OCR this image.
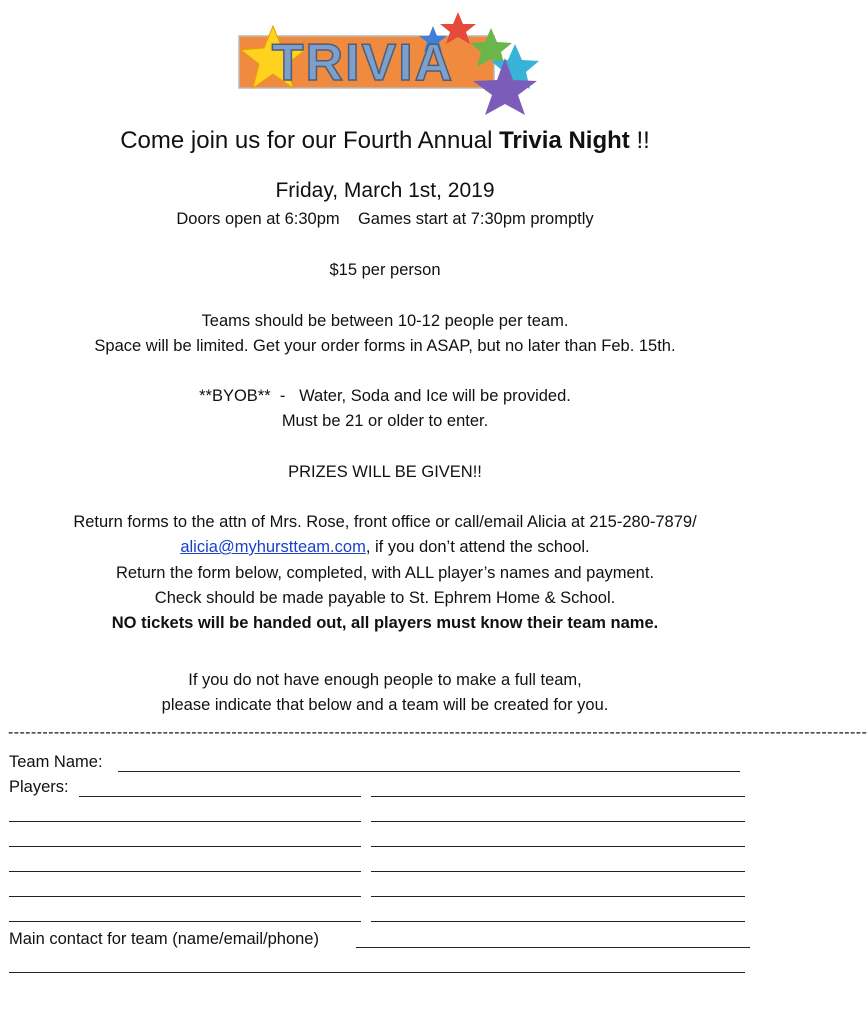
TRIVIA
Come join us for our Fourth Annual Trivia Night !!
Friday, March 1st, 2019
Doors open at 6:30pm    Games start at 7:30pm promptly
$15 per person
Teams should be between 10-12 people per team.
Space will be limited. Get your order forms in ASAP, but no later than Feb. 15th.
**BYOB**  -   Water, Soda and Ice will be provided.
Must be 21 or older to enter.
PRIZES WILL BE GIVEN!!
Return forms to the attn of Mrs. Rose, front office or call/email Alicia at 215-280-7879/
alicia@myhurstteam.com, if you don’t attend the school.
Return the form below, completed, with ALL player’s names and payment.
Check should be made payable to St. Ephrem Home & School.
NO tickets will be handed out, all players must know their team name.
If you do not have enough people to make a full team,
please indicate that below and a team will be created for you.
------------------------------------------------------------------------------------------------------------------------------------------------------
Team Name:
Players:
Main contact for team (name/email/phone)
